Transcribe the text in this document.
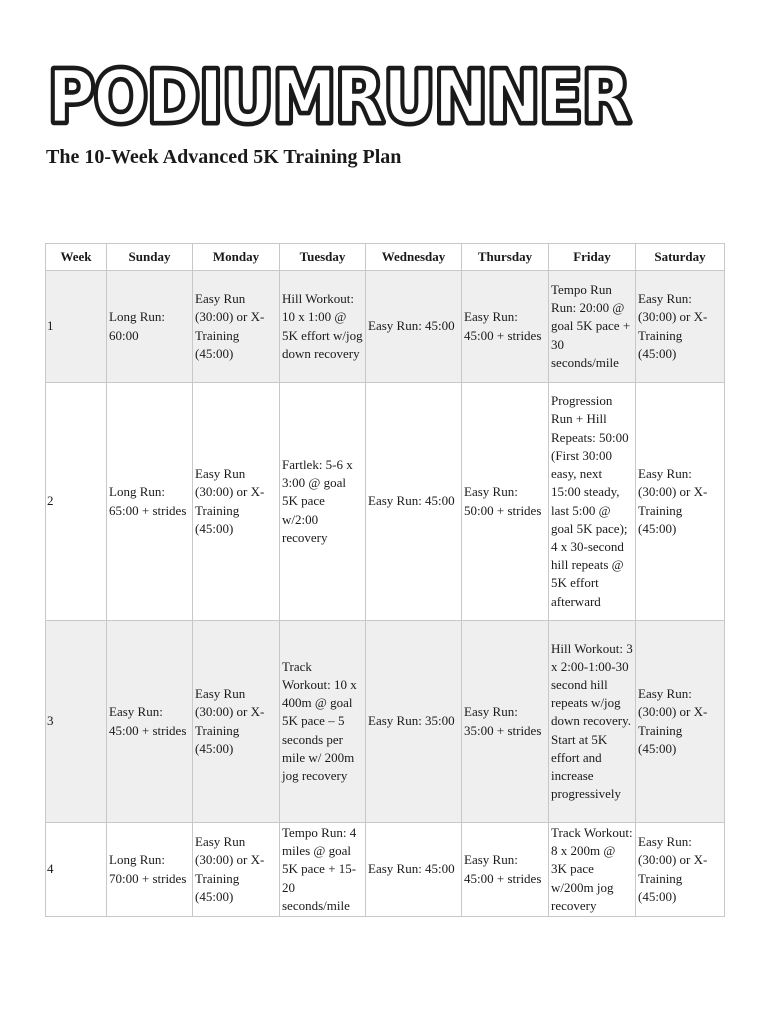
PODIUMRUNNER
PODIUMRUNNER
The 10-Week Advanced 5K Training Plan
Week	Sunday	Monday	Tuesday	Wednesday	Thursday	Friday	Saturday
1	Long Run: 60:00	Easy Run (30:00) or X-Training (45:00)	Hill Workout: 10 x 1:00 @ 5K effort w/jog down recovery	Easy Run: 45:00	Easy Run: 45:00 + strides	Tempo Run Run: 20:00 @ goal 5K pace + 30 seconds/mile	Easy Run: (30:00) or X-Training (45:00)
2	Long Run: 65:00 + strides	Easy Run (30:00) or X-Training (45:00)	Fartlek: 5-6 x 3:00 @ goal 5K pace w/2:00 recovery	Easy Run: 45:00	Easy Run: 50:00 + strides	Progression Run + Hill Repeats: 50:00 (First 30:00 easy, next 15:00 steady, last 5:00 @ goal 5K pace); 4 x 30-second hill repeats @ 5K effort afterward	Easy Run: (30:00) or X-Training (45:00)
3	Easy Run: 45:00 + strides	Easy Run (30:00) or X-Training (45:00)	Track Workout: 10 x 400m @ goal 5K pace – 5 seconds per mile w/ 200m jog recovery	Easy Run: 35:00	Easy Run: 35:00 + strides	Hill Workout: 3 x 2:00-1:00-30 second hill repeats w/jog down recovery. Start at 5K effort and increase progressively	Easy Run: (30:00) or X-Training (45:00)
4	Long Run: 70:00 + strides	Easy Run (30:00) or X-Training (45:00)	Tempo Run: 4 miles @ goal 5K pace + 15-20 seconds/mile	Easy Run: 45:00	Easy Run: 45:00 + strides	Track Workout: 8 x 200m @ 3K pace w/200m jog recovery	Easy Run: (30:00) or X-Training (45:00)
